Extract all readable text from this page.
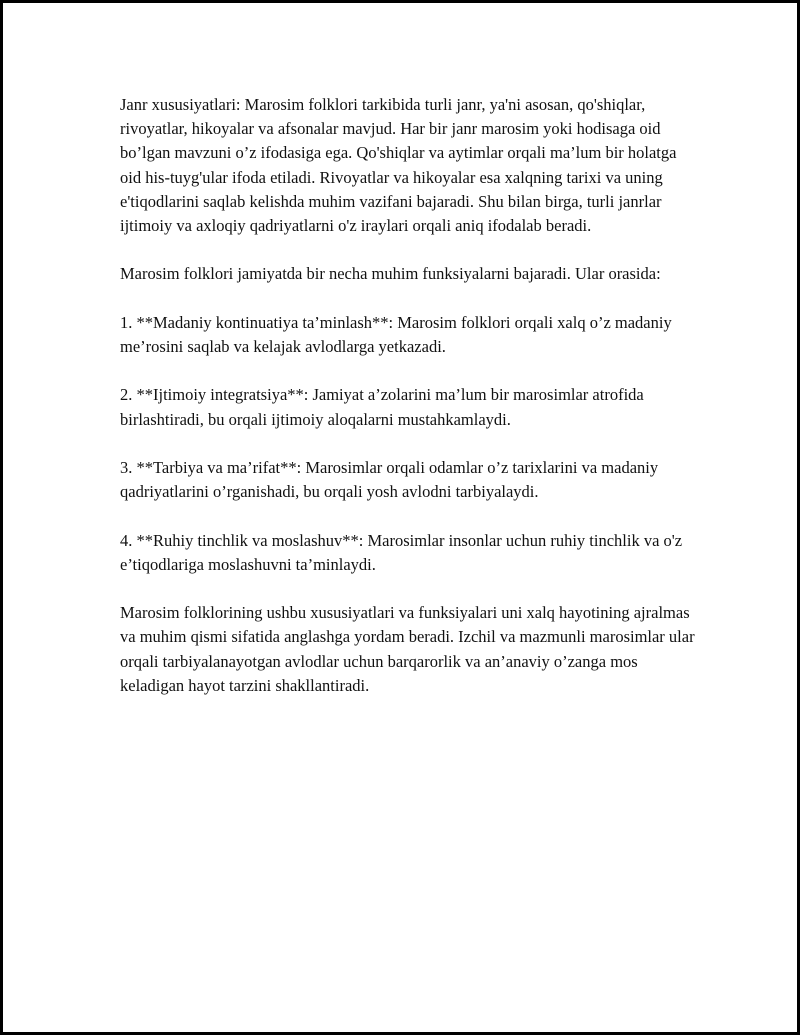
Janr xususiyatlari: Marosim folklori tarkibida turli janr, ya'ni asosan, qo'shiqlar, rivoyatlar, hikoyalar va afsonalar mavjud. Har bir janr marosim yoki hodisaga oid bo’lgan mavzuni o’z ifodasiga ega. Qo'shiqlar va aytimlar orqali ma’lum bir holatga oid his-tuyg'ular ifoda etiladi. Rivoyatlar va hikoyalar esa xalqning tarixi va uning e'tiqodlarini saqlab kelishda muhim vazifani bajaradi. Shu bilan birga, turli janrlar ijtimoiy va axloqiy qadriyatlarni o'z iraylari orqali aniq ifodalab beradi.

Marosim folklori jamiyatda bir necha muhim funksiyalarni bajaradi. Ular orasida:

1. **Madaniy kontinuatiya ta’minlash**: Marosim folklori orqali xalq o’z madaniy me’rosini saqlab va kelajak avlodlarga yetkazadi.

2. **Ijtimoiy integratsiya**: Jamiyat a’zolarini ma’lum bir marosimlar atrofida birlashtiradi, bu orqali ijtimoiy aloqalarni mustahkamlaydi.

3. **Tarbiya va ma’rifat**: Marosimlar orqali odamlar o’z tarixlarini va madaniy qadriyatlarini o’rganishadi, bu orqali yosh avlodni tarbiyalaydi.

4. **Ruhiy tinchlik va moslashuv**: Marosimlar insonlar uchun ruhiy tinchlik va o'z e’tiqodlariga moslashuvni ta’minlaydi.

Marosim folklorining ushbu xususiyatlari va funksiyalari uni xalq hayotining ajralmas va muhim qismi sifatida anglashga yordam beradi. Izchil va mazmunli marosimlar ular orqali tarbiyalanayotgan avlodlar uchun barqarorlik va an’anaviy o’zanga mos keladigan hayot tarzini shakllantiradi.
